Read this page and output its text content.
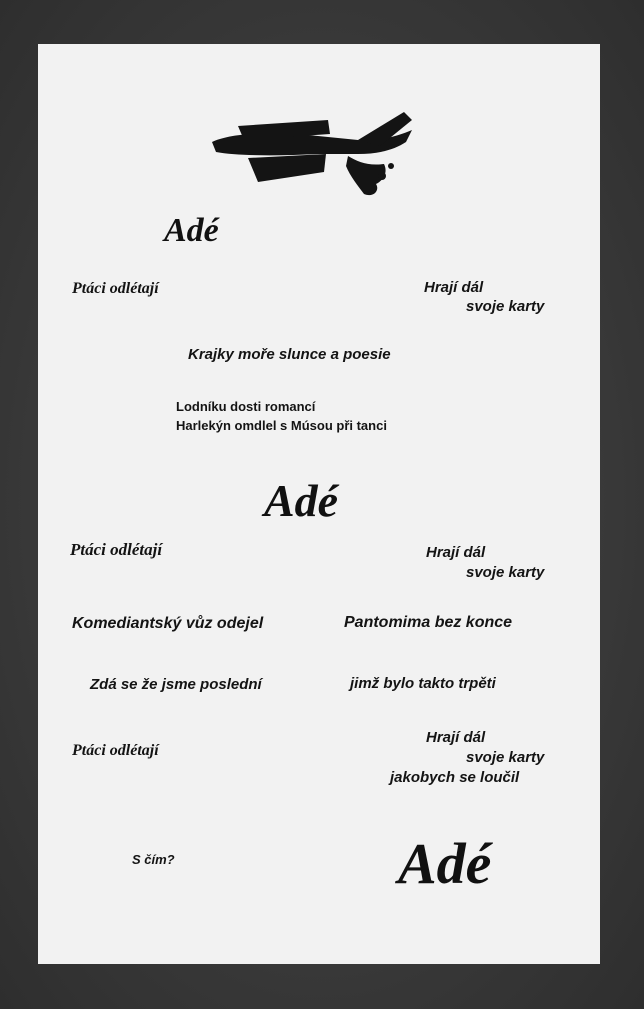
Adé
Ptáci odlétají	Hrají dál
svoje karty
Krajky moře slunce a poesie
Lodníku dosti romancí
Harlekýn omdlel s Músou při tanci
Adé
Ptáci odlétají	Hrají dál
svoje karty
Komediantský vůz odejel	Pantomima bez konce
Zdá se že jsme poslední	jimž bylo takto trpěti
Ptáci odlétají
Hrají dál
svoje karty
jakobych se loučil
S čím?	Adé
